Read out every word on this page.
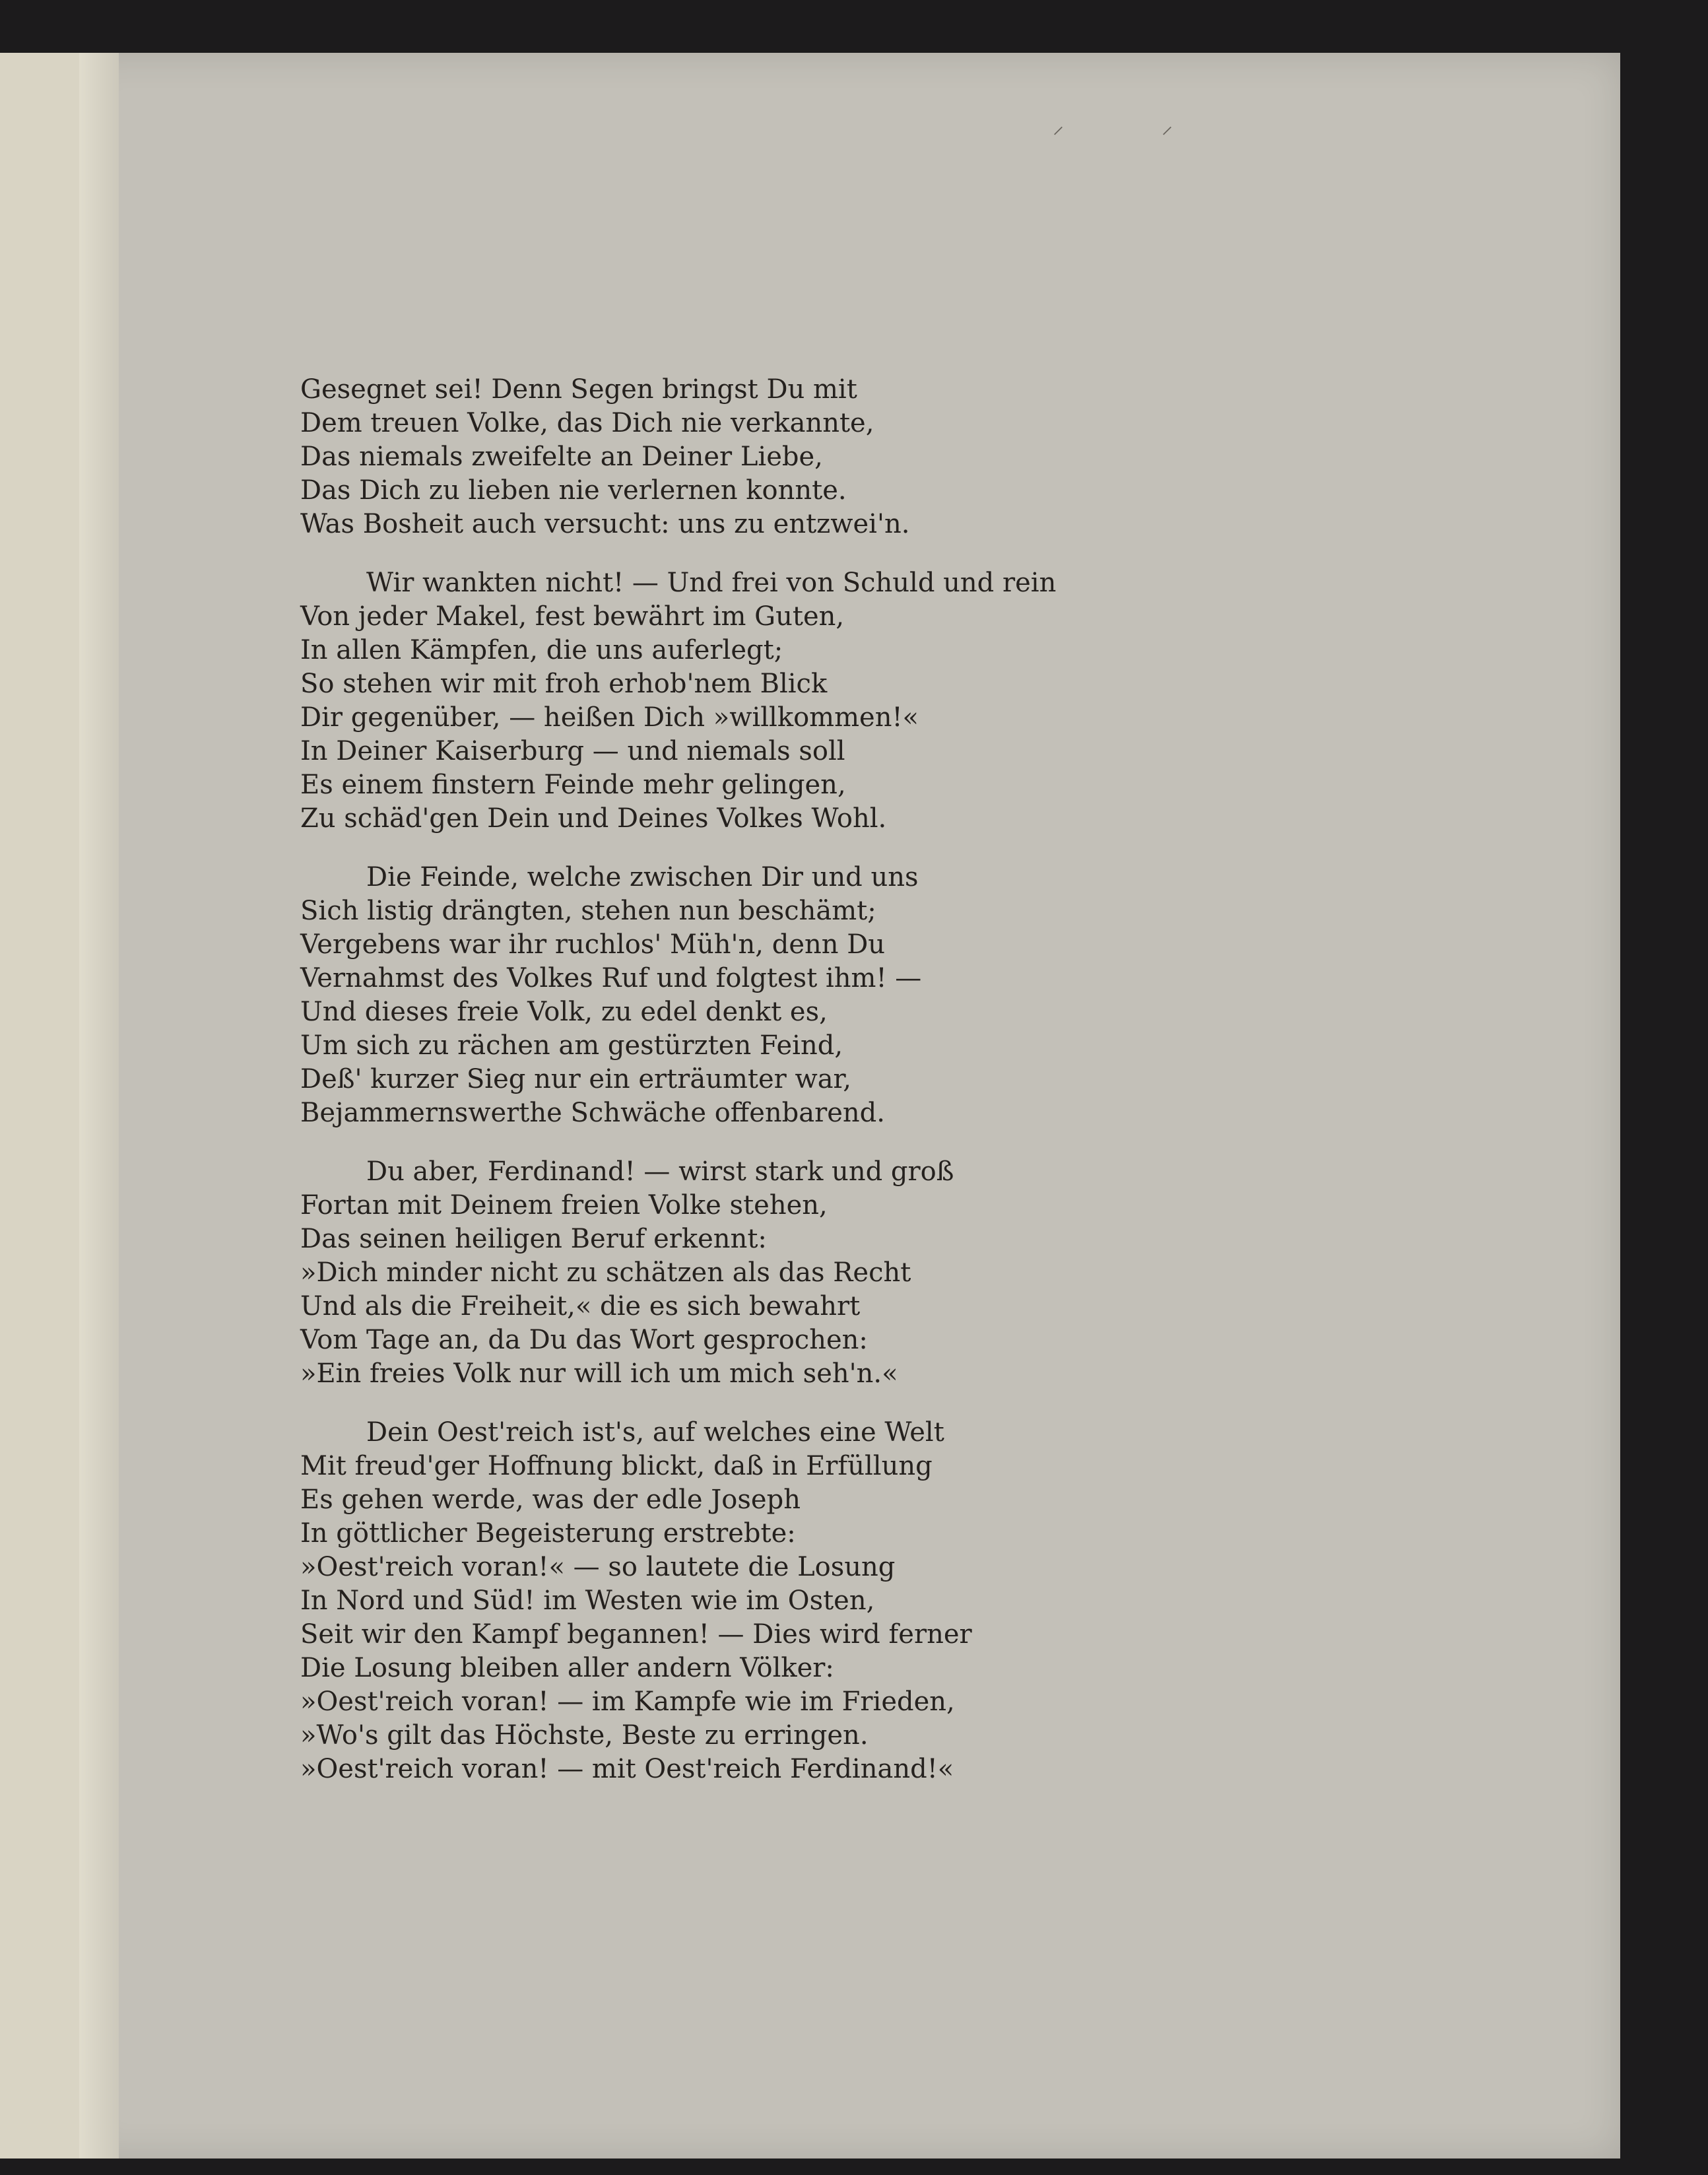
⸍	⸍
Gesegnet sei! Denn Segen bringst Du mit
Dem treuen Volke, das Dich nie verkannte,
Das niemals zweifelte an Deiner Liebe,
Das Dich zu lieben nie verlernen konnte.
Was Bosheit auch versucht: uns zu entzwei'n.
Wir wankten nicht! — Und frei von Schuld und rein
Von jeder Makel, fest bewährt im Guten,
In allen Kämpfen, die uns auferlegt;
So stehen wir mit froh erhob'nem Blick
Dir gegenüber, — heißen Dich »willkommen!«
In Deiner Kaiserburg — und niemals soll
Es einem finstern Feinde mehr gelingen,
Zu schäd'gen Dein und Deines Volkes Wohl.
Die Feinde, welche zwischen Dir und uns
Sich listig drängten, stehen nun beschämt;
Vergebens war ihr ruchlos' Müh'n, denn Du
Vernahmst des Volkes Ruf und folgtest ihm! —
Und dieses freie Volk, zu edel denkt es,
Um sich zu rächen am gestürzten Feind,
Deß' kurzer Sieg nur ein erträumter war,
Bejammernswerthe Schwäche offenbarend.
Du aber, Ferdinand! — wirst stark und groß
Fortan mit Deinem freien Volke stehen,
Das seinen heiligen Beruf erkennt:
»Dich minder nicht zu schätzen als das Recht
Und als die Freiheit,« die es sich bewahrt
Vom Tage an, da Du das Wort gesprochen:
»Ein freies Volk nur will ich um mich seh'n.«
Dein Oest'reich ist's, auf welches eine Welt
Mit freud'ger Hoffnung blickt, daß in Erfüllung
Es gehen werde, was der edle Joseph
In göttlicher Begeisterung erstrebte:
»Oest'reich voran!« — so lautete die Losung
In Nord und Süd! im Westen wie im Osten,
Seit wir den Kampf begannen! — Dies wird ferner
Die Losung bleiben aller andern Völker:
»Oest'reich voran! — im Kampfe wie im Frieden,
»Wo's gilt das Höchste, Beste zu erringen.
»Oest'reich voran! — mit Oest'reich Ferdinand!«
